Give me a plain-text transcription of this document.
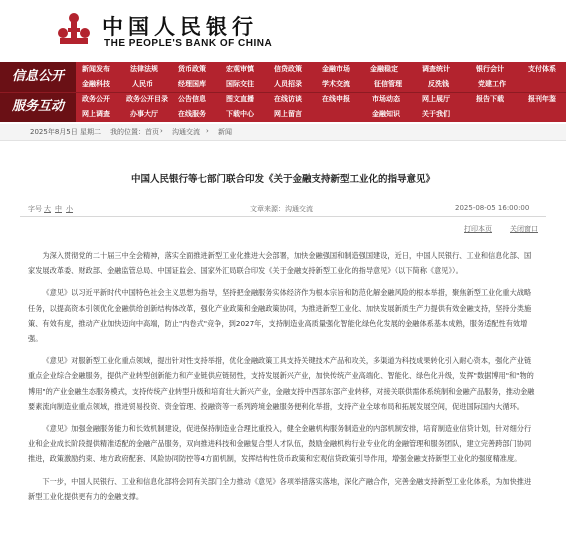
中国人民银行
THE PEOPLE'S BANK OF CHINA
信息公开
服务互动
新闻发布	法律法规	货币政策	宏观审慎	信贷政策	金融市场	金融稳定	调查统计	银行会计	支付体系
金融科技	人民币	经理国库	国际交往	人员招录	学术交流	征信管理	反洗钱	党建工作
政务公开 政务公开目录 公告信息	图文直播	在线访谈	在线申报	市场动态	网上展厅	报告下载	报刊年鉴
网上调查	办事大厅	在线服务	下载中心	网上留言	金融知识	关于我们
2025年8月5日 星期二 我的位置：首页 › 沟通交流 › 新闻
中国人民银行等七部门联合印发《关于金融支持新型工业化的指导意见》
字号 大 中 小	文章来源：沟通交流	2025-08-05 16:00:00
打印本页	关闭窗口

为深入贯彻党的二十届三中全会精神，落实全面推进新型工业化推进大会部署，加快金融强国和制造强国建设，近日，中国人民银行、工业和信息化部、国家发展改革委、财政部、金融监管总局、中国证监会、国家外汇局联合印发《关于金融支持新型工业化的指导意见》（以下简称《意见》）。

《意见》以习近平新时代中国特色社会主义思想为指导，坚持把金融服务实体经济作为根本宗旨和防范化解金融风险的根本举措，聚焦新型工业化重大战略任务，以提高资本引领优化金融供给创新结构体改革，强化产业政策和金融政策协同，为推进新型工业化、加快发展新质生产力提供有效金融支持，坚持分类施策、有效有度，推动产业加快迈向中高端，防止"内卷式"竞争，到2027年，支持制造业高质量强化智能化绿色化发展的金融体系基本成熟，服务适配性有效增强。

《意见》对服新型工业化重点领域，提出针对性支持举措，优化金融政策工具支持关键技术产品和攻关，多渠道为科技成果转化引入耐心资本，强化产业链重点企业综合金融服务，提供产业转型创新能力和产业链供应链韧性，支持发展新兴产业，加快传统产业高端化、智能化、绿色化升级，发挥"数据博用"和"物的博用"的产业金融生态服务模式，支持传统产业转型升级和培育壮大新兴产业，金融支持中西部东部产业转移，对接关联供需体系统制和金融产品服务，推动金融要素流向制造业重点领域，推进贸易投资、资金管理、投融资等一系列跨境金融服务便利化举措，支持产业全球布局和拓展发展空间，促进国际国内大循环。

《意见》加强金融服务能力和长效机制建设，促进保持制造业合理比重投入，健全金融机构服务制造业的内部机制安排，培育制造业信贷计划，针对细分行业和企业成长阶段提供精准适配的金融产品服务，双向推进科技和金融复合型人才队伍，鼓励金融机构行业专业化的金融管理和服务团队，建立完善跨部门协同推进，政策激励约束、地方政府配套、风险协同防控等4方面机制，发挥结构性货币政策和宏观信贷政策引导作用，增强金融支持新型工业化的强度精准度。

下一步，中国人民银行、工业和信息化部将会同有关部门全力推动《意见》各项举措落实落地，深化产融合作，完善金融支持新型工业化体系，为加快推进新型工业化提供更有力的金融支撑。
